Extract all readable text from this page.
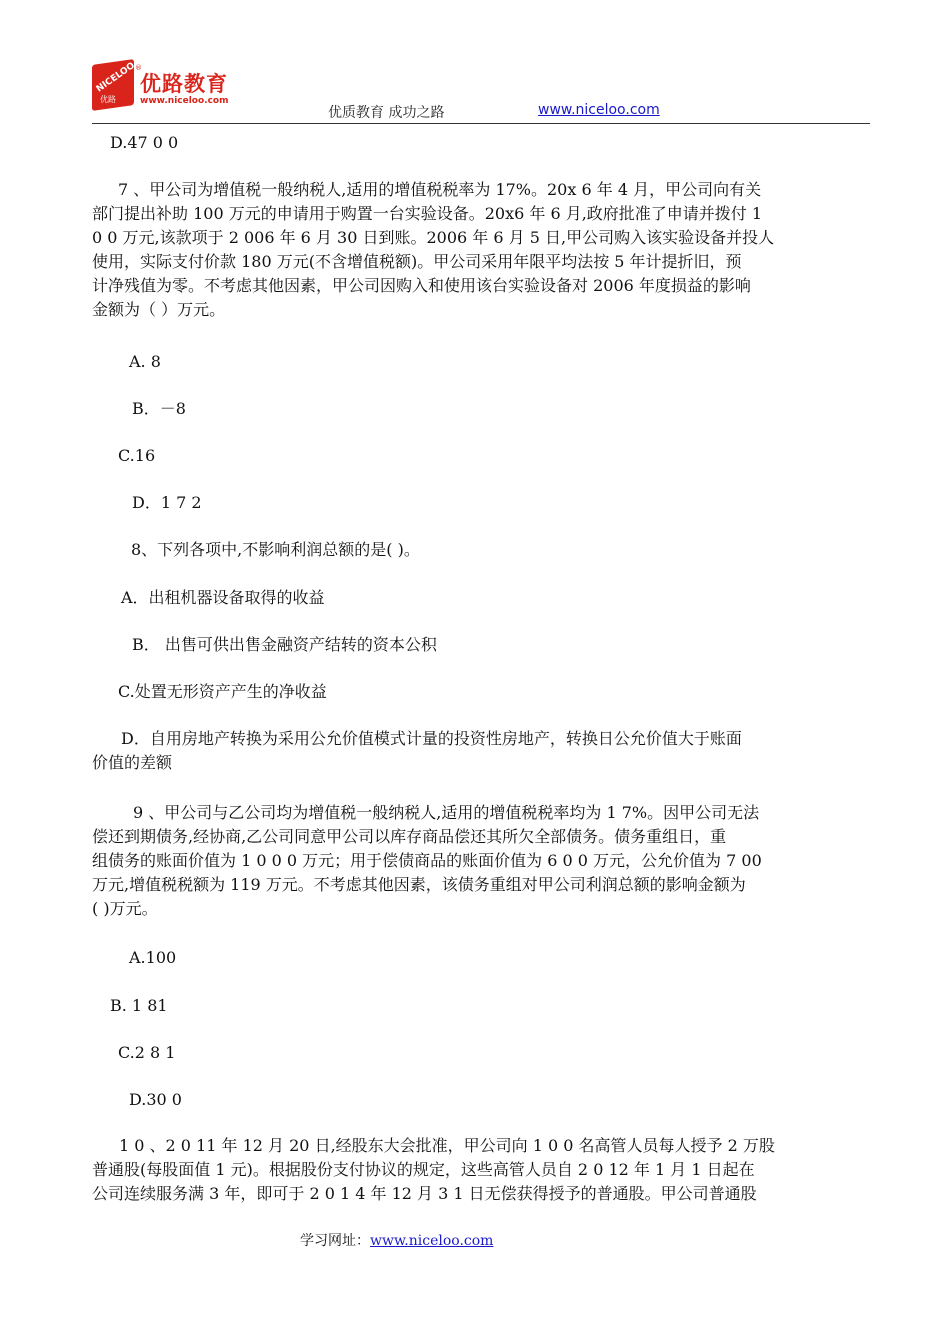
NICELOO
优路
®
优路教育
www.niceloo.com
优质教育 成功之路	www.niceloo.com
D.47 0 0
7 、甲公司为增值税一般纳税人,适用的增值税税率为 17%。20x 6 年 4 月，甲公司向有关
部门提出补助 100 万元的申请用于购置一台实验设备。20x6 年 6 月,政府批准了申请并拨付 1
0 0 万元,该款项于 2 006 年 6 月 30 日到账。2006 年 6 月 5 日,甲公司购入该实验设备并投人
使用，实际支付价款 180 万元(不含增值税额)。甲公司采用年限平均法按 5 年计提折旧，预
计净残值为零。不考虑其他因素，甲公司因购入和使用该台实验设备对 2006 年度损益的影响
金额为（ ）万元。
A. 8
B．－8
C.16
D．1 7 2
8、下列各项中,不影响利润总额的是( )。
A．出租机器设备取得的收益
B． 出售可供出售金融资产结转的资本公积
C.处置无形资产产生的净收益
D．自用房地产转换为采用公允价值模式计量的投资性房地产，转换日公允价值大于账面
价值的差额
9 、甲公司与乙公司均为增值税一般纳税人,适用的增值税税率均为 1 7%。因甲公司无法
偿还到期债务,经协商,乙公司同意甲公司以库存商品偿还其所欠全部债务。债务重组日，重
组债务的账面价值为 1 0 0 0 万元；用于偿债商品的账面价值为 6 0 0 万元，公允价值为 7 00
万元,增值税税额为 119 万元。不考虑其他因素，该债务重组对甲公司利润总额的影响金额为
( )万元。
A.100
B. 1 81
C.2 8 1
D.30 0
1 0 、2 0 11 年 12 月 20 日,经股东大会批准，甲公司向 1 0 0 名高管人员每人授予 2 万股
普通股(每股面值 1 元)。根据股份支付协议的规定，这些高管人员自 2 0 12 年 1 月 1 日起在
公司连续服务满 3 年，即可于 2 0 1 4 年 12 月 3 1 日无偿获得授予的普通股。甲公司普通股
学习网址：www.niceloo.com
